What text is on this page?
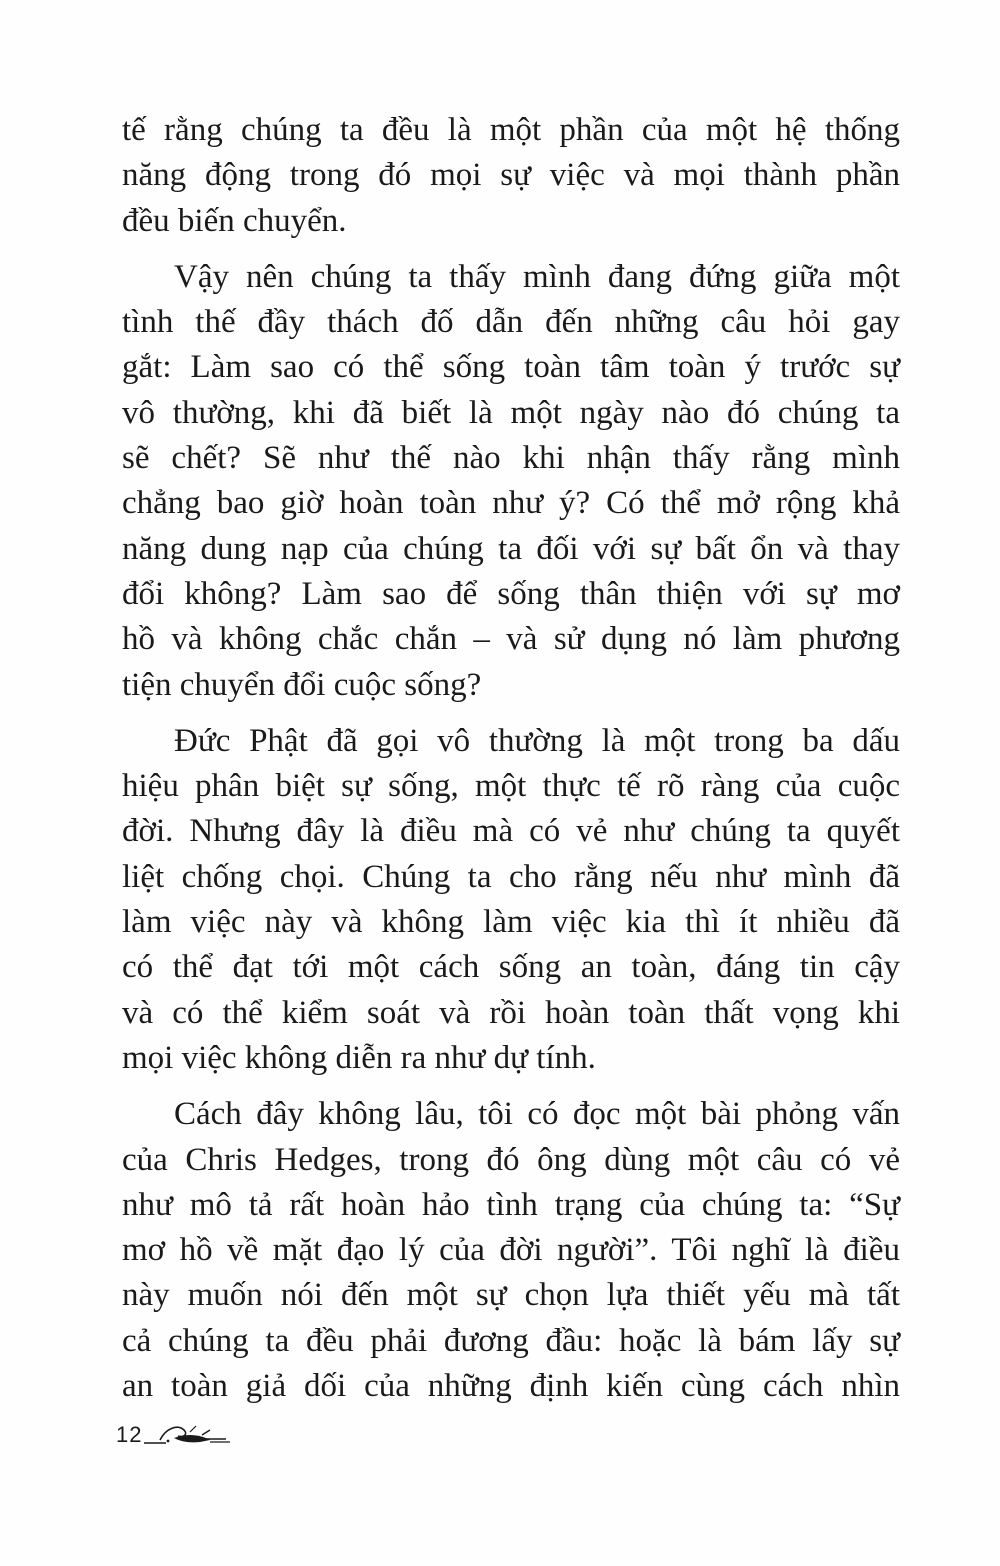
tế rằng chúng ta đều là một phần của một hệ thống
năng động trong đó mọi sự việc và mọi thành phần
đều biến chuyển.
Vậy nên chúng ta thấy mình đang đứng giữa một
tình thế đầy thách đố dẫn đến những câu hỏi gay
gắt: Làm sao có thể sống toàn tâm toàn ý trước sự
vô thường, khi đã biết là một ngày nào đó chúng ta
sẽ chết? Sẽ như thế nào khi nhận thấy rằng mình
chẳng bao giờ hoàn toàn như ý? Có thể mở rộng khả
năng dung nạp của chúng ta đối với sự bất ổn và thay
đổi không? Làm sao để sống thân thiện với sự mơ
hồ và không chắc chắn – và sử dụng nó làm phương
tiện chuyển đổi cuộc sống?
Đức Phật đã gọi vô thường là một trong ba dấu
hiệu phân biệt sự sống, một thực tế rõ ràng của cuộc
đời. Nhưng đây là điều mà có vẻ như chúng ta quyết
liệt chống chọi. Chúng ta cho rằng nếu như mình đã
làm việc này và không làm việc kia thì ít nhiều đã
có thể đạt tới một cách sống an toàn, đáng tin cậy
và có thể kiểm soát và rồi hoàn toàn thất vọng khi
mọi việc không diễn ra như dự tính.
Cách đây không lâu, tôi có đọc một bài phỏng vấn
của Chris Hedges, trong đó ông dùng một câu có vẻ
như mô tả rất hoàn hảo tình trạng của chúng ta: “Sự
mơ hồ về mặt đạo lý của đời người”. Tôi nghĩ là điều
này muốn nói đến một sự chọn lựa thiết yếu mà tất
cả chúng ta đều phải đương đầu: hoặc là bám lấy sự
an toàn giả dối của những định kiến cùng cách nhìn
12
